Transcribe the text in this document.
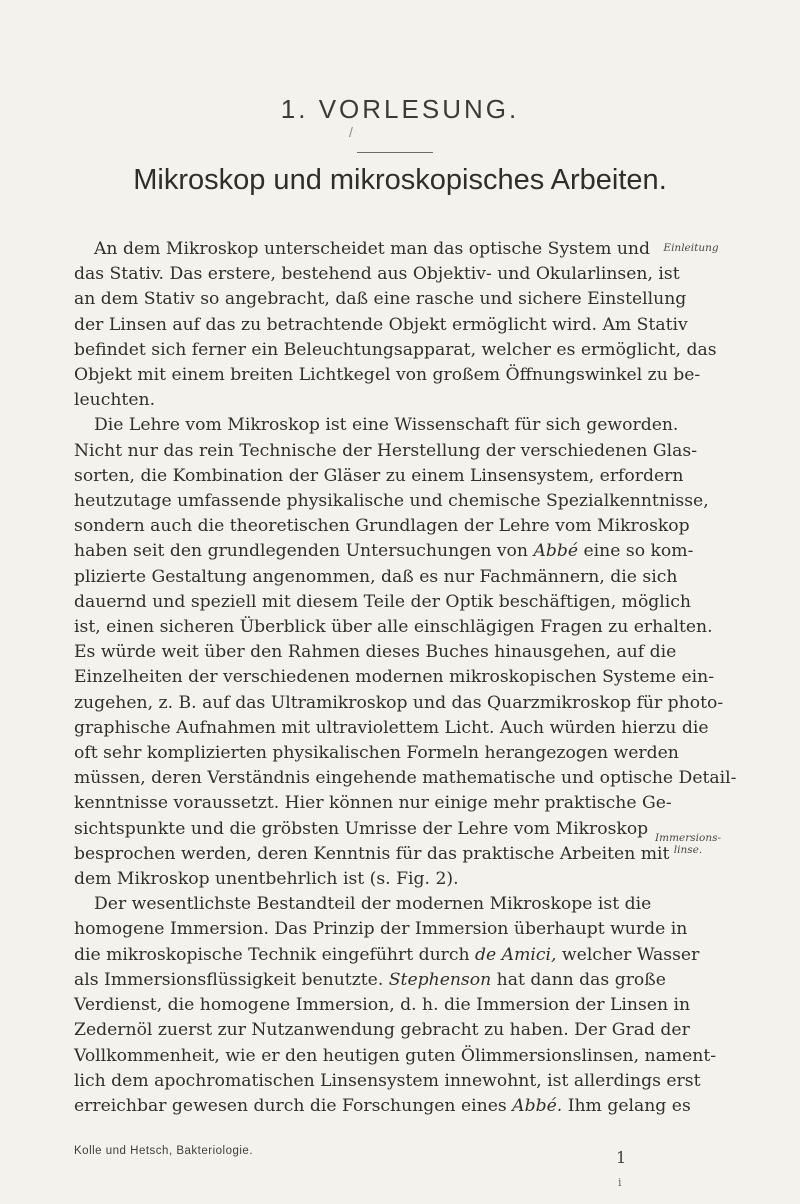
1. VORLESUNG.
/
Mikroskop und mikroskopisches Arbeiten.
Einleitung
Immersions-
linse.
An dem Mikroskop unterscheidet man das optische System und
das Stativ. Das erstere, bestehend aus Objektiv- und Okularlinsen, ist
an dem Stativ so angebracht, daß eine rasche und sichere Einstellung
der Linsen auf das zu betrachtende Objekt ermöglicht wird. Am Stativ
befindet sich ferner ein Beleuchtungsapparat, welcher es ermöglicht, das
Objekt mit einem breiten Lichtkegel von großem Öffnungswinkel zu be-
leuchten.
Die Lehre vom Mikroskop ist eine Wissenschaft für sich geworden.
Nicht nur das rein Technische der Herstellung der verschiedenen Glas-
sorten, die Kombination der Gläser zu einem Linsensystem, erfordern
heutzutage umfassende physikalische und chemische Spezialkenntnisse,
sondern auch die theoretischen Grundlagen der Lehre vom Mikroskop
haben seit den grundlegenden Untersuchungen von Abbé eine so kom-
plizierte Gestaltung angenommen, daß es nur Fachmännern, die sich
dauernd und speziell mit diesem Teile der Optik beschäftigen, möglich
ist, einen sicheren Überblick über alle einschlägigen Fragen zu erhalten.
Es würde weit über den Rahmen dieses Buches hinausgehen, auf die
Einzelheiten der verschiedenen modernen mikroskopischen Systeme ein-
zugehen, z. B. auf das Ultramikroskop und das Quarzmikroskop für photo-
graphische Aufnahmen mit ultraviolettem Licht. Auch würden hierzu die
oft sehr komplizierten physikalischen Formeln herangezogen werden
müssen, deren Verständnis eingehende mathematische und optische Detail-
kenntnisse voraussetzt. Hier können nur einige mehr praktische Ge-
sichtspunkte und die gröbsten Umrisse der Lehre vom Mikroskop
besprochen werden, deren Kenntnis für das praktische Arbeiten mit
dem Mikroskop unentbehrlich ist (s. Fig. 2).
Der wesentlichste Bestandteil der modernen Mikroskope ist die
homogene Immersion. Das Prinzip der Immersion überhaupt wurde in
die mikroskopische Technik eingeführt durch de Amici, welcher Wasser
als Immersionsflüssigkeit benutzte. Stephenson hat dann das große
Verdienst, die homogene Immersion, d. h. die Immersion der Linsen in
Zedernöl zuerst zur Nutzanwendung gebracht zu haben. Der Grad der
Vollkommenheit, wie er den heutigen guten Ölimmersionslinsen, nament-
lich dem apochromatischen Linsensystem innewohnt, ist allerdings erst
erreichbar gewesen durch die Forschungen eines Abbé. Ihm gelang es
Kolle und Hetsch, Bakteriologie.	1
i
